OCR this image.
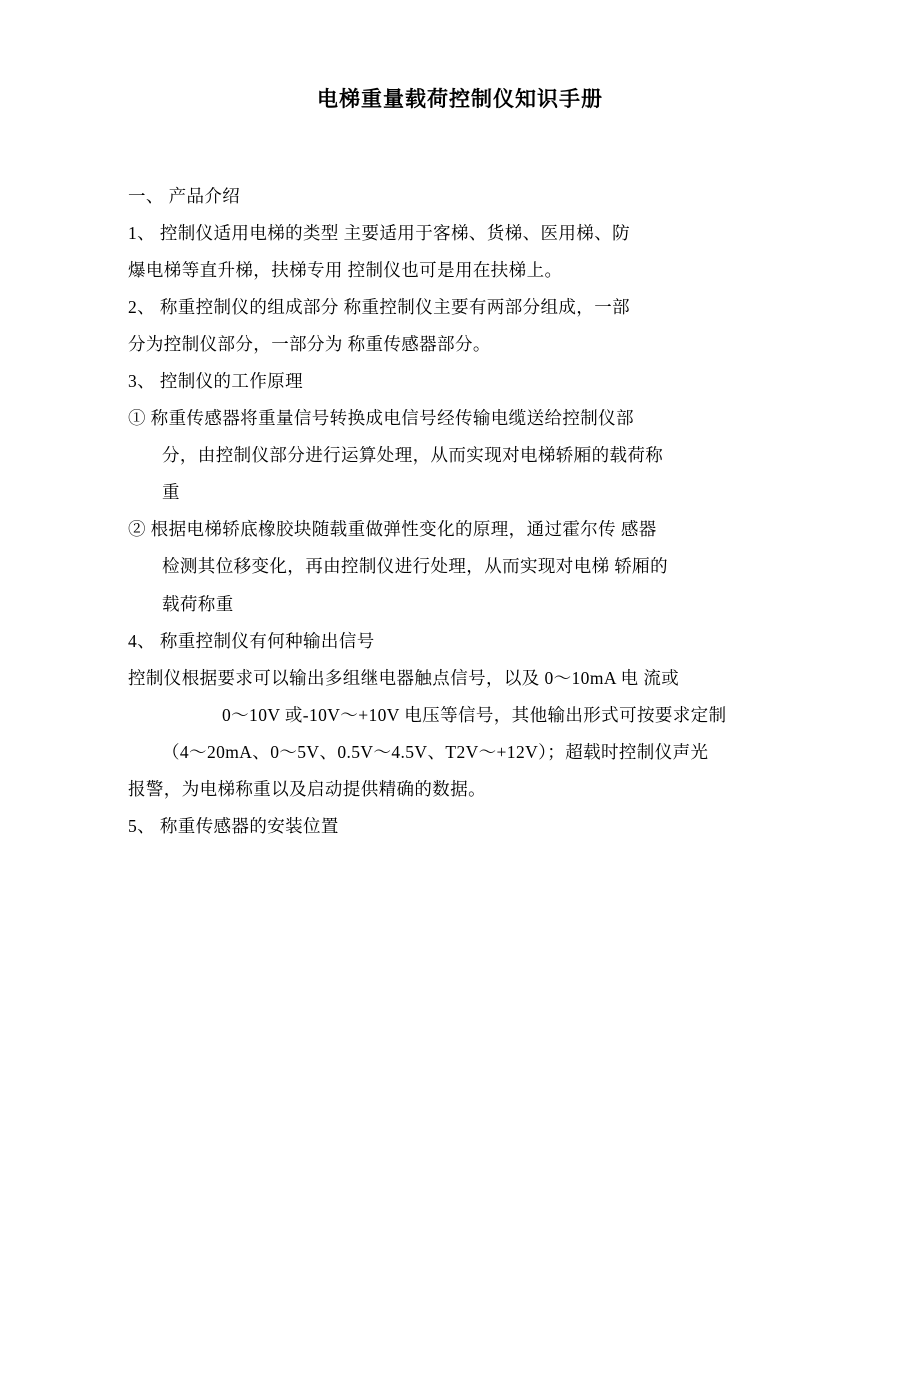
电梯重量载荷控制仪知识手册

一、 产品介绍

1、 控制仪适用电梯的类型 主要适用于客梯、货梯、医用梯、防

爆电梯等直升梯，扶梯专用 控制仪也可是用在扶梯上。

2、 称重控制仪的组成部分 称重控制仪主要有两部分组成，一部

分为控制仪部分，一部分为 称重传感器部分。

3、 控制仪的工作原理

① 称重传感器将重量信号转换成电信号经传输电缆送给控制仪部

分，由控制仪部分进行运算处理，从而实现对电梯轿厢的载荷称

重

② 根据电梯轿底橡胶块随载重做弹性变化的原理，通过霍尔传 感器

检测其位移变化，再由控制仪进行处理，从而实现对电梯 轿厢的

载荷称重

4、 称重控制仪有何种输出信号

控制仪根据要求可以输出多组继电器触点信号，以及 0～10mA 电 流或

0〜10V 或-10V〜+10V 电压等信号，其他输出形式可按要求定制

（4〜20mA、0〜5V、0.5V〜4.5V、T2V〜+12V）；超载时控制仪声光

报警，为电梯称重以及启动提供精确的数据。

5、 称重传感器的安装位置
